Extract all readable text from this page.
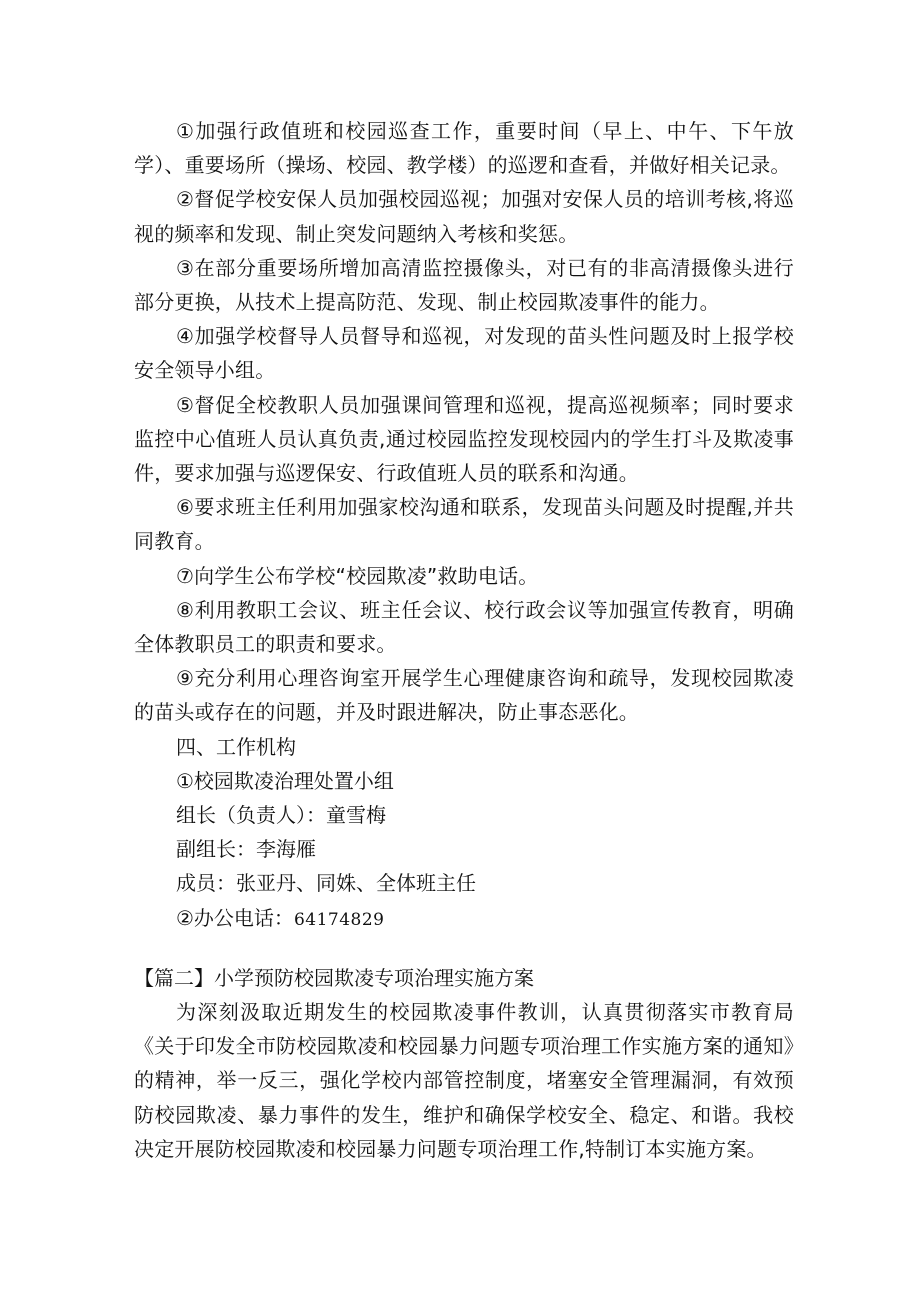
①加强行政值班和校园巡查工作，重要时间（早上、中午、下午放学）、重要场所（操场、校园、教学楼）的巡逻和查看，并做好相关记录。

②督促学校安保人员加强校园巡视；加强对安保人员的培训考核,将巡视的频率和发现、制止突发问题纳入考核和奖惩。

③在部分重要场所增加高清监控摄像头，对已有的非高清摄像头进行部分更换，从技术上提高防范、发现、制止校园欺凌事件的能力。

④加强学校督导人员督导和巡视，对发现的苗头性问题及时上报学校安全领导小组。

⑤督促全校教职人员加强课间管理和巡视，提高巡视频率；同时要求监控中心值班人员认真负责,通过校园监控发现校园内的学生打斗及欺凌事件，要求加强与巡逻保安、行政值班人员的联系和沟通。

⑥要求班主任利用加强家校沟通和联系，发现苗头问题及时提醒,并共同教育。

⑦向学生公布学校“校园欺凌”救助电话。

⑧利用教职工会议、班主任会议、校行政会议等加强宣传教育，明确全体教职员工的职责和要求。

⑨充分利用心理咨询室开展学生心理健康咨询和疏导，发现校园欺凌的苗头或存在的问题，并及时跟进解决，防止事态恶化。

四、工作机构

①校园欺凌治理处置小组

组长（负责人）：童雪梅

副组长：李海雁

成员：张亚丹、同姝、全体班主任

②办公电话：64174829

【篇二】小学预防校园欺凌专项治理实施方案

为深刻汲取近期发生的校园欺凌事件教训，认真贯彻落实市教育局《关于印发全市防校园欺凌和校园暴力问题专项治理工作实施方案的通知》的精神，举一反三，强化学校内部管控制度，堵塞安全管理漏洞，有效预防校园欺凌、暴力事件的发生，维护和确保学校安全、稳定、和谐。我校决定开展防校园欺凌和校园暴力问题专项治理工作,特制订本实施方案。
